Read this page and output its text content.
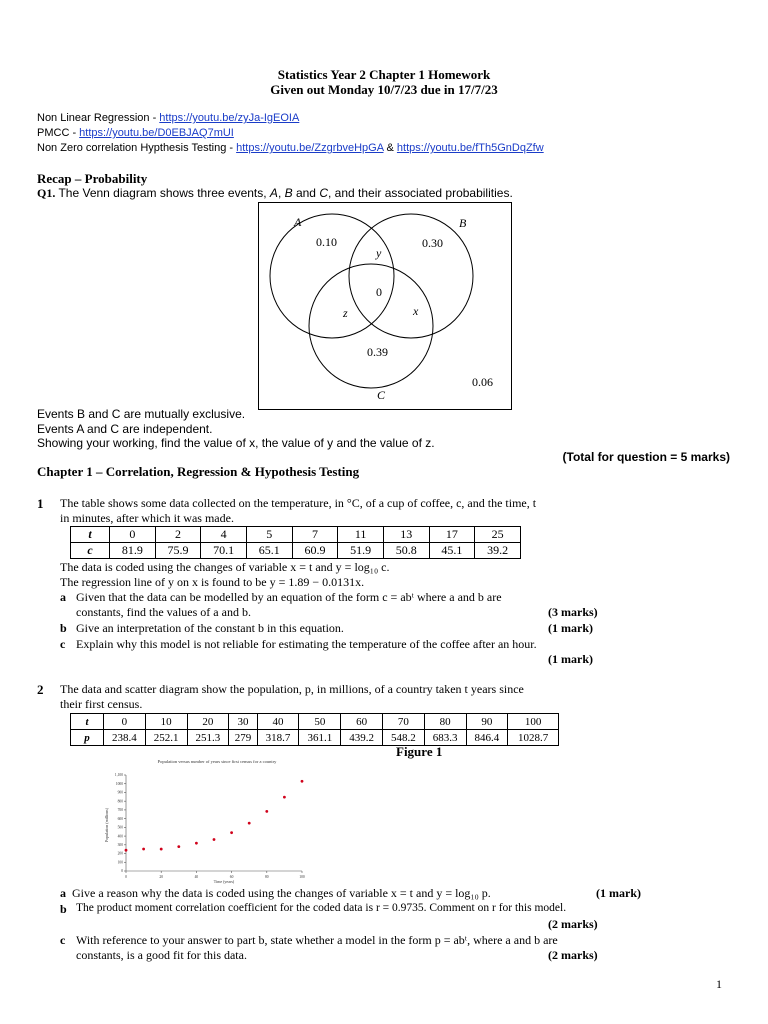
Statistics Year 2 Chapter 1 Homework
Given out Monday 10/7/23 due in 17/7/23
Non Linear Regression - https://youtu.be/zyJa-IgEOIA
PMCC - https://youtu.be/D0EBJAQ7mUI
Non Zero correlation Hypthesis Testing - https://youtu.be/ZzgrbveHpGA & https://youtu.be/fTh5GnDqZfw
Recap – Probability
Q1. The Venn diagram shows three events, A, B and C, and their associated probabilities.
A	B
C
0.10	0.30
y
0
z	x
0.39
0.06
Events B and C are mutually exclusive.
Events A and C are independent.
Showing your working, find the value of x, the value of y and the value of z.
(Total for question = 5 marks)
Chapter 1 – Correlation, Regression & Hypothesis Testing
1 The table shows some data collected on the temperature, in °C, of a cup of coffee, c, and the time, t
in minutes, after which it was made.
t	0	2	4	5	7	11	13	17	25
c	81.9	75.9	70.1	65.1	60.9	51.9	50.8	45.1	39.2
The data is coded using the changes of variable x = t and y = log₁₀ c.
The regression line of y on x is found to be y = 1.89 − 0.0131x.
a Given that the data can be modelled by an equation of the form c = abᵗ where a and b are
constants, find the values of a and b.	(3 marks)
b Give an interpretation of the constant b in this equation.	(1 mark)
c Explain why this model is not reliable for estimating the temperature of the coffee after an hour.
(1 mark)
2 The data and scatter diagram show the population, p, in millions, of a country taken t years since
their first census.
t	0	10	20	30	40	50	60	70	80	90	100
p	238.4	252.1	251.3	279	318.7	361.1	439.2	548.2	683.3	846.4	1028.7
Figure 1
Population versus number of years since first census for a country
0	20	40	60	80	100
0
100
200
300
400
500
600
700
800
900
1000
1,100
Time (years)
Population (millions)
a Give a reason why the data is coded using the changes of variable x = t and y = log₁₀ p.	(1 mark)
b The product moment correlation coefficient for the coded data is r = 0.9735. Comment on r for this model.
(2 marks)
c With reference to your answer to part b, state whether a model in the form p = abᵗ, where a and b are
constants, is a good fit for this data.	(2 marks)
1
